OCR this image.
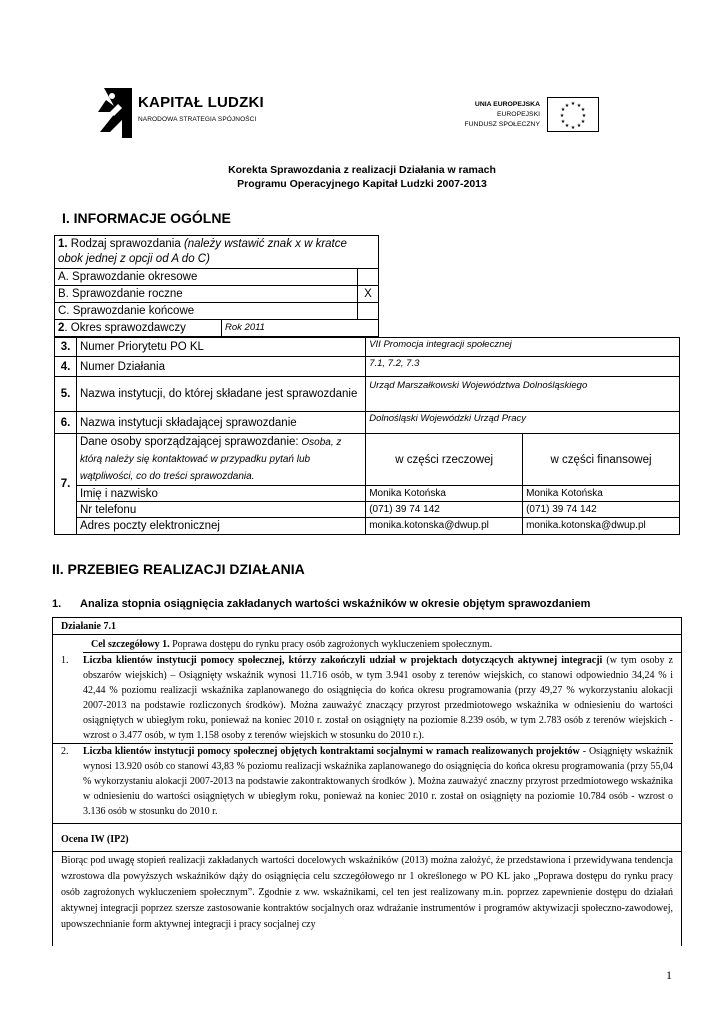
KAPITAŁ LUDZKI
NARODOWA STRATEGIA SPÓJNOŚCI
UNIA EUROPEJSKA
EUROPEJSKI
FUNDUSZ SPOŁECZNY
★ ★
★
★
★
★
★
★
★
★
★
★
Korekta Sprawozdania z realizacji Działania w ramach
Programu Operacyjnego Kapitał Ludzki 2007-2013
I. INFORMACJE OGÓLNE
1. Rodzaj sprawozdania (należy wstawić znak x w kratce obok jednej z opcji od A do C)		
A. Sprawozdanie okresowe		
B. Sprawozdanie roczne		X
C. Sprawozdanie końcowe		
2. Okres sprawozdawczy	Rok 2011	
3.	Numer Priorytetu PO KL	VII Promocja integracji społecznej	
4.	Numer Działania	7.1, 7.2, 7.3	
5.	Nazwa instytucji, do której składane jest sprawozdanie	Urząd Marszałkowski Województwa Dolnośląskiego	
6.	Nazwa instytucji składającej sprawozdanie	Dolnośląski Wojewódzki Urząd Pracy	
7.	Dane osoby sporządzającej sprawozdanie: Osoba, z którą należy się kontaktować w przypadku pytań lub wątpliwości, co do treści sprawozdania.	w części rzeczowej	w części finansowej
	Imię i nazwisko	Monika Kotońska	Monika Kotońska
	Nr telefonu	(071) 39 74 142	(071) 39 74 142
	Adres poczty elektronicznej	monika.kotonska@dwup.pl	monika.kotonska@dwup.pl
II. PRZEBIEG REALIZACJI DZIAŁANIA
1. Analiza stopnia osiągnięcia zakładanych wartości wskaźników w okresie objętym sprawozdaniem
Działanie 7.1
Cel szczegółowy 1. Poprawa dostępu do rynku pracy osób zagrożonych wykluczeniem społecznym.
1. Liczba klientów instytucji pomocy społecznej, którzy zakończyli udział w projektach dotyczących aktywnej integracji (w tym osoby z obszarów wiejskich) – Osiągnięty wskaźnik wynosi 11.716 osób, w tym 3.941 osoby z terenów wiejskich, co stanowi odpowiednio 34,24 % i 42,44 % poziomu realizacji wskaźnika zaplanowanego do osiągnięcia do końca okresu programowania (przy 49,27 % wykorzystaniu alokacji 2007-2013 na podstawie rozliczonych środków). Można zauważyć znaczący przyrost przedmiotowego wskaźnika w odniesieniu do wartości osiągniętych w ubiegłym roku, ponieważ na koniec 2010 r. został on osiągnięty na poziomie 8.239 osób, w tym 2.783 osób z terenów wiejskich - wzrost o 3.477 osób, w tym 1.158 osoby z terenów wiejskich w stosunku do 2010 r.).
2. Liczba klientów instytucji pomocy społecznej objętych kontraktami socjalnymi w ramach realizowanych projektów - Osiągnięty wskaźnik wynosi 13.920 osób co stanowi 43,83 % poziomu realizacji wskaźnika zaplanowanego do osiągnięcia do końca okresu programowania (przy 55,04 % wykorzystaniu alokacji 2007-2013 na podstawie zakontraktowanych środków ). Można zauważyć znaczny przyrost przedmiotowego wskaźnika w odniesieniu do wartości osiągniętych w ubiegłym roku, ponieważ na koniec 2010 r. został on osiągnięty na poziomie 10.784 osób - wzrost o 3.136 osób w stosunku do 2010 r.
Ocena IW (IP2)

Biorąc pod uwagę stopień realizacji zakładanych wartości docelowych wskaźników (2013) można założyć, że przedstawiona i przewidywana tendencja wzrostowa dla powyższych wskaźników dąży do osiągnięcia celu szczegółowego nr 1 określonego w PO KL jako „Poprawa dostępu do rynku pracy osób zagrożonych wykluczeniem społecznym”. Zgodnie z ww. wskaźnikami, cel ten jest realizowany m.in. poprzez zapewnienie dostępu do działań aktywnej integracji poprzez szersze zastosowanie kontraktów socjalnych oraz wdrażanie instrumentów i programów aktywizacji społeczno-zawodowej, upowszechnianie form aktywnej integracji i pracy socjalnej czy

1
